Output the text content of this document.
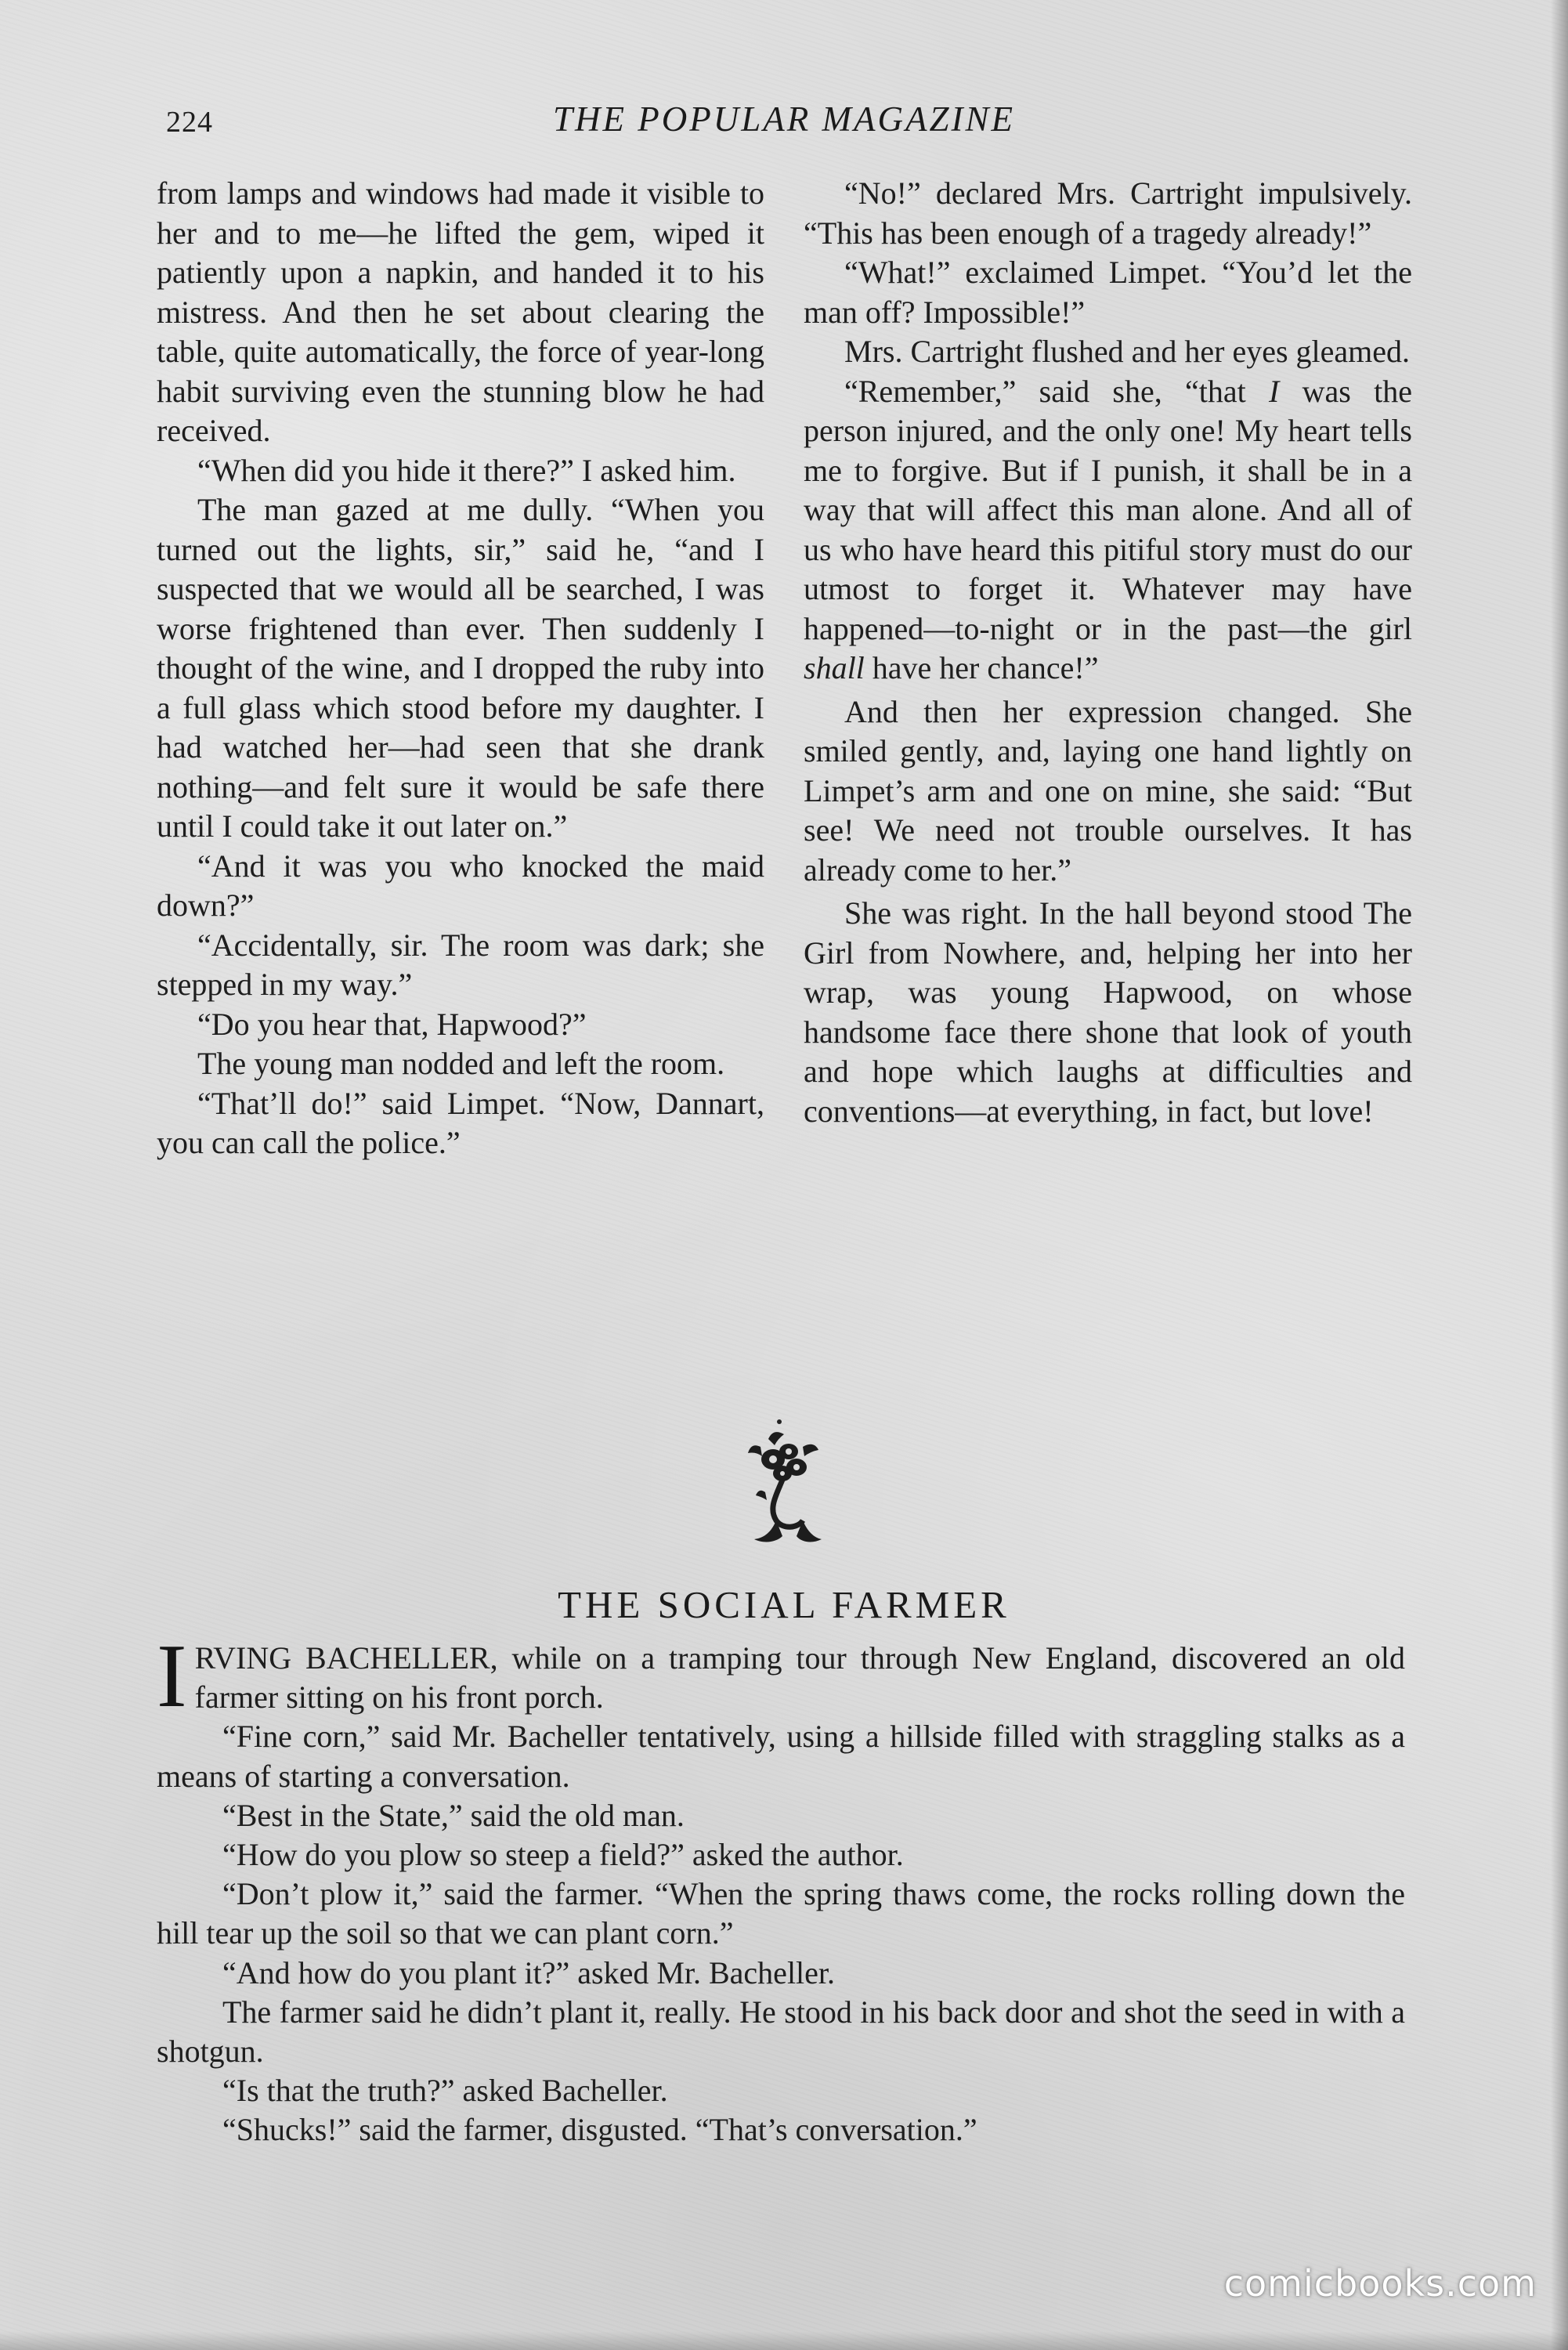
224	THE POPULAR MAGAZINE

from lamps and windows had made it visible to her and to me—he lifted the gem, wiped it patiently upon a napkin, and handed it to his mistress. And then he set about clearing the table, quite automatically, the force of year-long habit surviving even the stunning blow he had received.

“When did you hide it there?” I asked him.

The man gazed at me dully. “When you turned out the lights, sir,” said he, “and I suspected that we would all be searched, I was worse frightened than ever. Then suddenly I thought of the wine, and I dropped the ruby into a full glass which stood before my daughter. I had watched her—had seen that she drank nothing—and felt sure it would be safe there until I could take it out later on.”

“And it was you who knocked the maid down?”

“Accidentally, sir. The room was dark; she stepped in my way.”

“Do you hear that, Hapwood?”

The young man nodded and left the room.

“That’ll do!” said Limpet. “Now, Dannart, you can call the police.”

“No!” declared Mrs. Cartright impulsively. “This has been enough of a tragedy already!”

“What!” exclaimed Limpet. “You’d let the man off? Impossible!”

Mrs. Cartright flushed and her eyes gleamed.

“Remember,” said she, “that I was the person injured, and the only one! My heart tells me to forgive. But if I punish, it shall be in a way that will affect this man alone. And all of us who have heard this pitiful story must do our utmost to forget it. Whatever may have happened—to-night or in the past—the girl shall have her chance!”

And then her expression changed. She smiled gently, and, laying one hand lightly on Limpet’s arm and one on mine, she said: “But see! We need not trouble ourselves. It has already come to her.”

She was right. In the hall beyond stood The Girl from Nowhere, and, helping her into her wrap, was young Hapwood, on whose handsome face there shone that look of youth and hope which laughs at difficulties and conventions—at everything, in fact, but love!

THE SOCIAL FARMER

IRVING BACHELLER, while on a tramping tour through New England, discovered an old farmer sitting on his front porch.

“Fine corn,” said Mr. Bacheller tentatively, using a hillside filled with straggling stalks as a means of starting a conversation.

“Best in the State,” said the old man.

“How do you plow so steep a field?” asked the author.

“Don’t plow it,” said the farmer. “When the spring thaws come, the rocks rolling down the hill tear up the soil so that we can plant corn.”

“And how do you plant it?” asked Mr. Bacheller.

The farmer said he didn’t plant it, really. He stood in his back door and shot the seed in with a shotgun.

“Is that the truth?” asked Bacheller.

“Shucks!” said the farmer, disgusted. “That’s conversation.”

comicbooks.com
